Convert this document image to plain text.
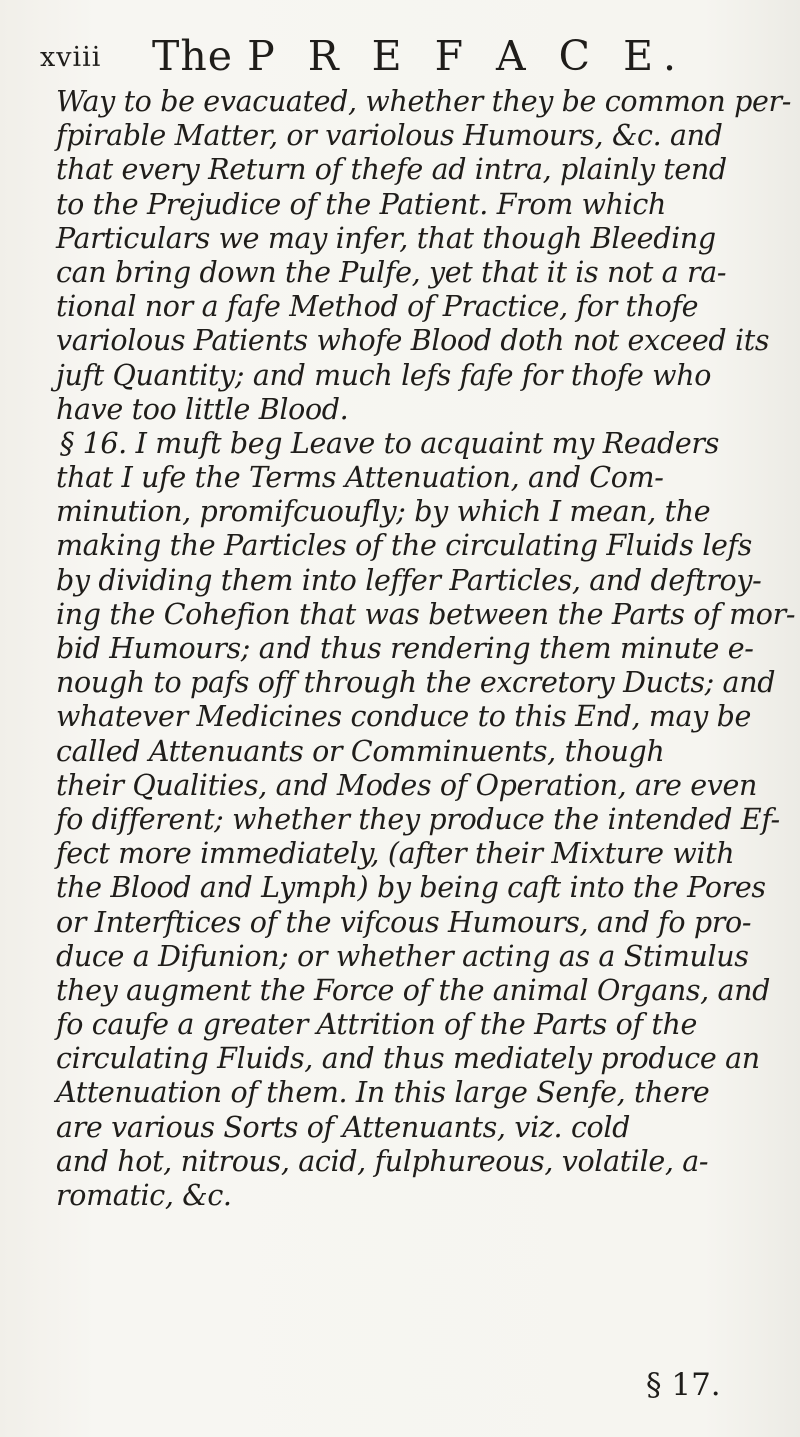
xviii The P R E F A C E.
Way to be evacuated, whether they be common per-
fpirable Matter, or variolous Humours, &c. and
that every Return of thefe ad intra, plainly tend
to the Prejudice of the Patient. From which
Particulars we may infer, that though Bleeding
can bring down the Pulfe, yet that it is not a ra-
tional nor a fafe Method of Practice, for thofe
variolous Patients whofe Blood doth not exceed its
juft Quantity; and much lefs fafe for thofe who
have too little Blood.
§ 16. I muft beg Leave to acquaint my Readers
that I ufe the Terms Attenuation, and Com-
minution, promifcuoufly; by which I mean, the
making the Particles of the circulating Fluids lefs
by dividing them into leffer Particles, and deftroy-
ing the Cohefion that was between the Parts of mor-
bid Humours; and thus rendering them minute e-
nough to pafs off through the excretory Ducts; and
whatever Medicines conduce to this End, may be
called Attenuants or Comminuents, though
their Qualities, and Modes of Operation, are even
fo different; whether they produce the intended Ef-
fect more immediately, (after their Mixture with
the Blood and Lymph) by being caft into the Pores
or Interftices of the vifcous Humours, and fo pro-
duce a Difunion; or whether acting as a Stimulus
they augment the Force of the animal Organs, and
fo caufe a greater Attrition of the Parts of the
circulating Fluids, and thus mediately produce an
Attenuation of them. In this large Senfe, there
are various Sorts of Attenuants, viz. cold
and hot, nitrous, acid, fulphureous, volatile, a-
romatic, &c.
§ 17.
